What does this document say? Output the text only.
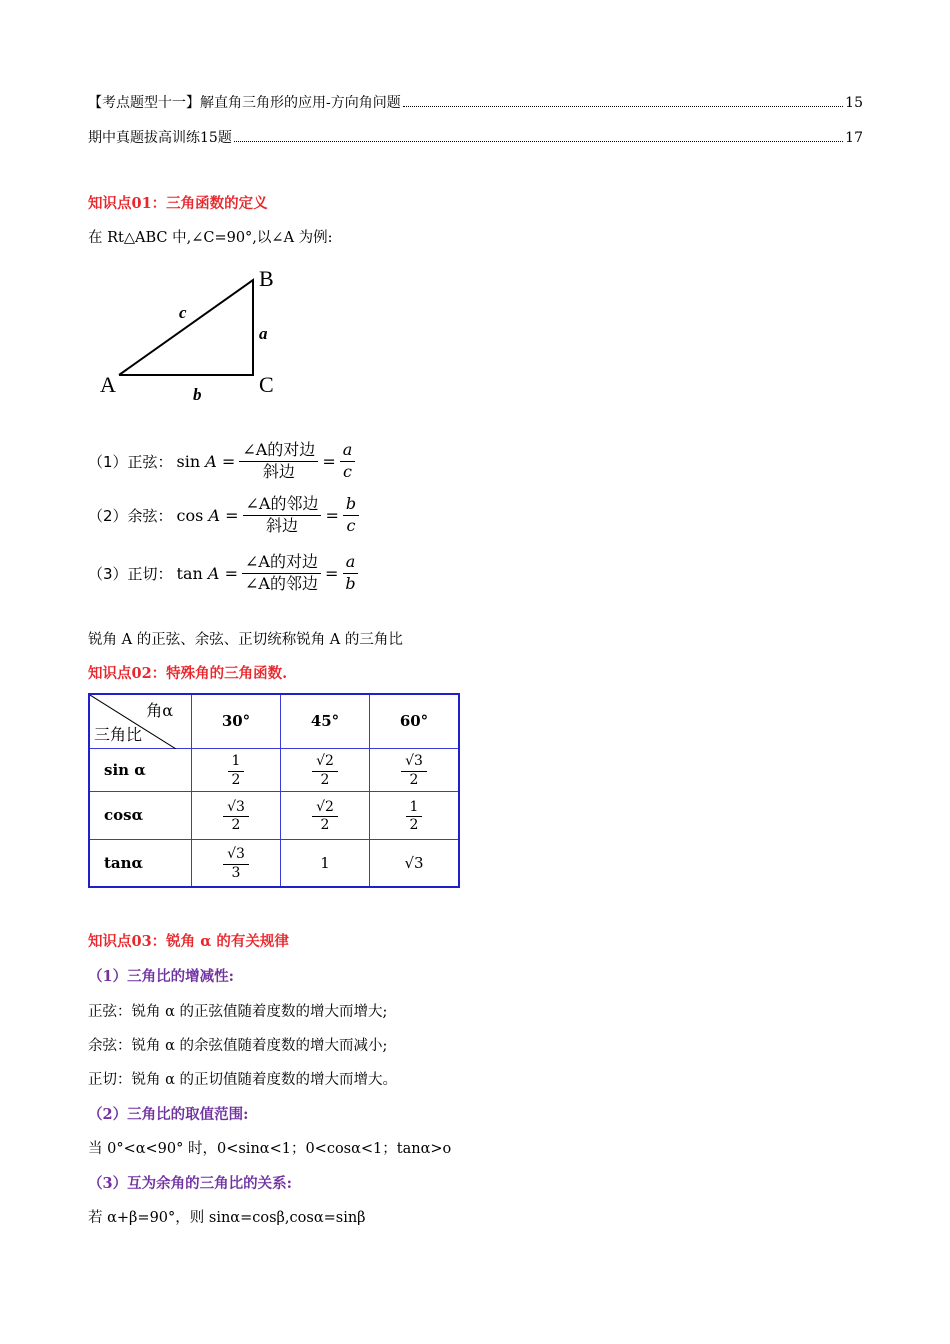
【考点题型十一】解直角三角形的应用-方向角问题	15
期中真题拔高训练15题	17
知识点01：三角函数的定义
在 Rt△ABC 中,∠C=90°,以∠A 为例:
A
B
C
a
b
c
（1）正弦： sin
$A = \frac{\text{∠A的对边}}{\text{斜边}} = \frac{a}{c}$
（2）余弦： cos
$A = \frac{\text{∠A的邻边}}{\text{斜边}} = \frac{b}{c}$
（3）正切： tan
$A = \frac{\text{∠A的对边}}{\text{∠A的邻边}} = \frac{a}{b}$
锐角 A 的正弦、余弦、正切统称锐角 A 的三角比
知识点02：特殊角的三角函数.
角α
三角比	30°	45°	60°
sin α	$\frac{1}{2}$	$\frac{√2}{2}$	$\frac{√3}{2}$

cosα	$\frac{√3}{2}$	$\frac{√2}{2}$	$\frac{1}{2}$

tanα	$\frac{√3}{3}$	1	√3
知识点03：锐角 α 的有关规律
（1）三角比的增减性:
正弦：锐角 α 的正弦值随着度数的增大而增大;
余弦：锐角 α 的余弦值随着度数的增大而减小;
正切：锐角 α 的正切值随着度数的增大而增大。
（2）三角比的取值范围:
当 0°<α<90° 时，0<sinα<1；0<cosα<1；tanα>o
（3）互为余角的三角比的关系:
若 α+β=90°，则 sinα=cosβ,cosα=sinβ
